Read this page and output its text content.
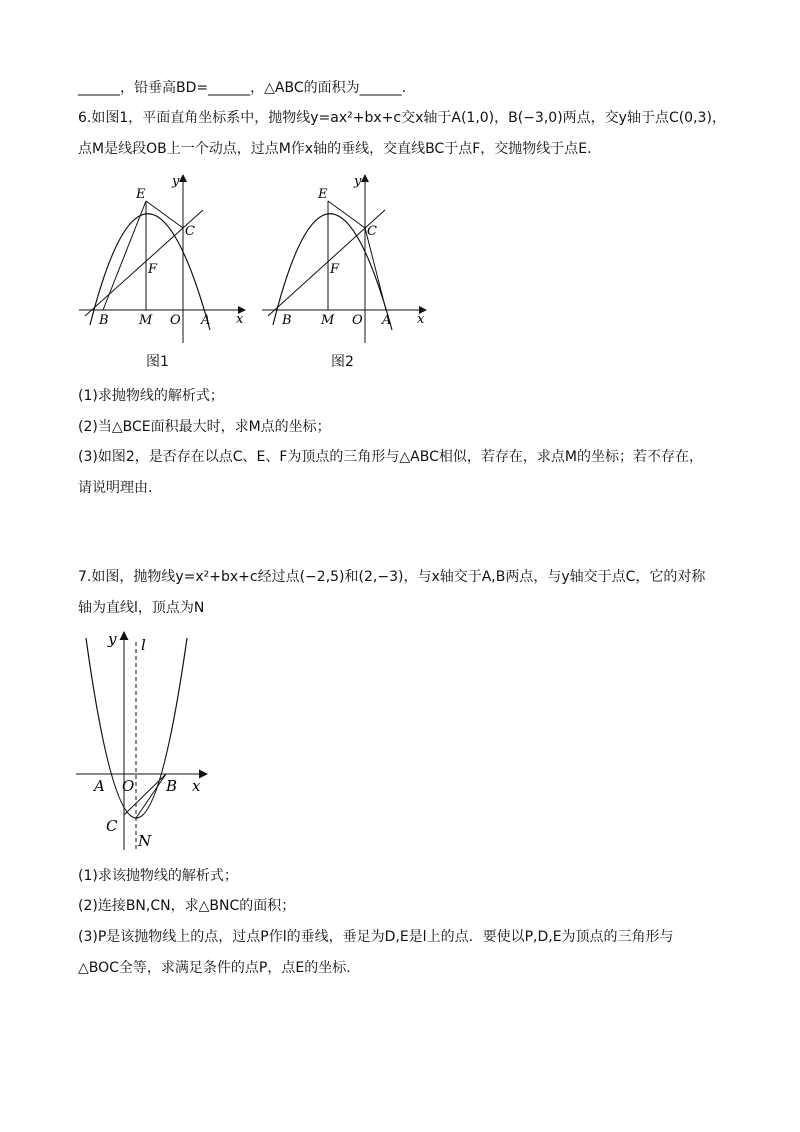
______，铅垂高BD=______，△ABC的面积为______.
6.如图1，平面直角坐标系中，抛物线y=ax²+bx+c交x轴于A(1,0)，B(−3,0)两点，交y轴于点C(0,3)，
点M是线段OB上一个动点，过点M作x轴的垂线，交直线BC于点F，交抛物线于点E.
E
y
C
F
B M O A x
图1
E
y
C
F
B M O A x
图2
(1)求抛物线的解析式；
(2)当△BCE面积最大时，求M点的坐标；
(3)如图2，是否存在以点C、E、F为顶点的三角形与△ABC相似，若存在，求点M的坐标；若不存在，
请说明理由.
7.如图，抛物线y=x²+bx+c经过点(−2,5)和(2,−3)，与x轴交于A,B两点，与y轴交于点C，它的对称
轴为直线l，顶点为N
y l
A O B x
C
N
(1)求该抛物线的解析式；
(2)连接BN,CN，求△BNC的面积；
(3)P是该抛物线上的点，过点P作l的垂线，垂足为D,E是l上的点．要使以P,D,E为顶点的三角形与
△BOC全等，求满足条件的点P，点E的坐标.
